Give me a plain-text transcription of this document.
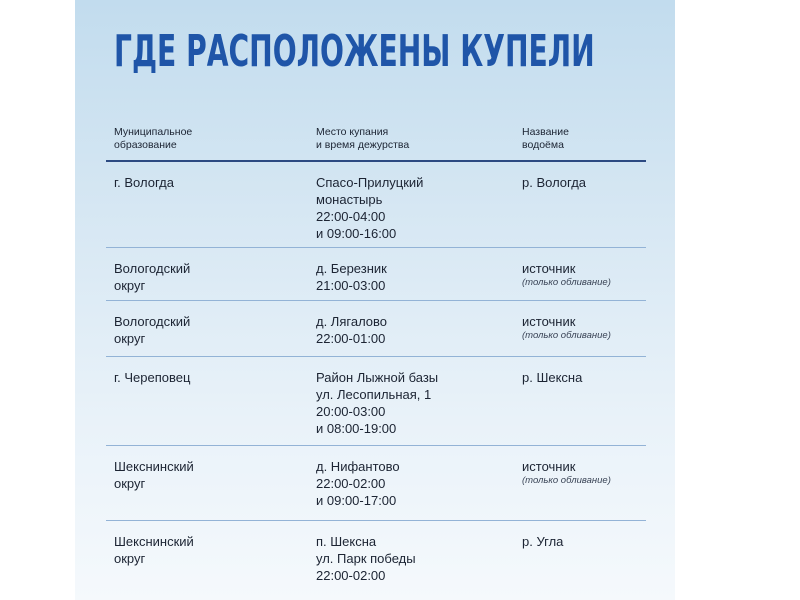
ГДЕ РАСПОЛОЖЕНЫ КУПЕЛИ
Муниципальное
образование
Место купания
и время дежурства
Название
водоёма
г. Вологда	Спасо-Прилуцкий
монастырь
22:00-04:00
и 09:00-16:00
р. Вологда
Вологодский
округ
д. Березник
21:00-03:00
источник
(только обливание)
Вологодский
округ
д. Лягалово
22:00-01:00
источник
(только обливание)
г. Череповец	Район Лыжной базы
ул. Лесопильная, 1
20:00-03:00
и 08:00-19:00
р. Шексна
Шекснинский
округ
д. Нифантово
22:00-02:00
и 09:00-17:00
источник
(только обливание)
Шекснинский
округ
п. Шексна
ул. Парк победы
22:00-02:00
р. Угла
